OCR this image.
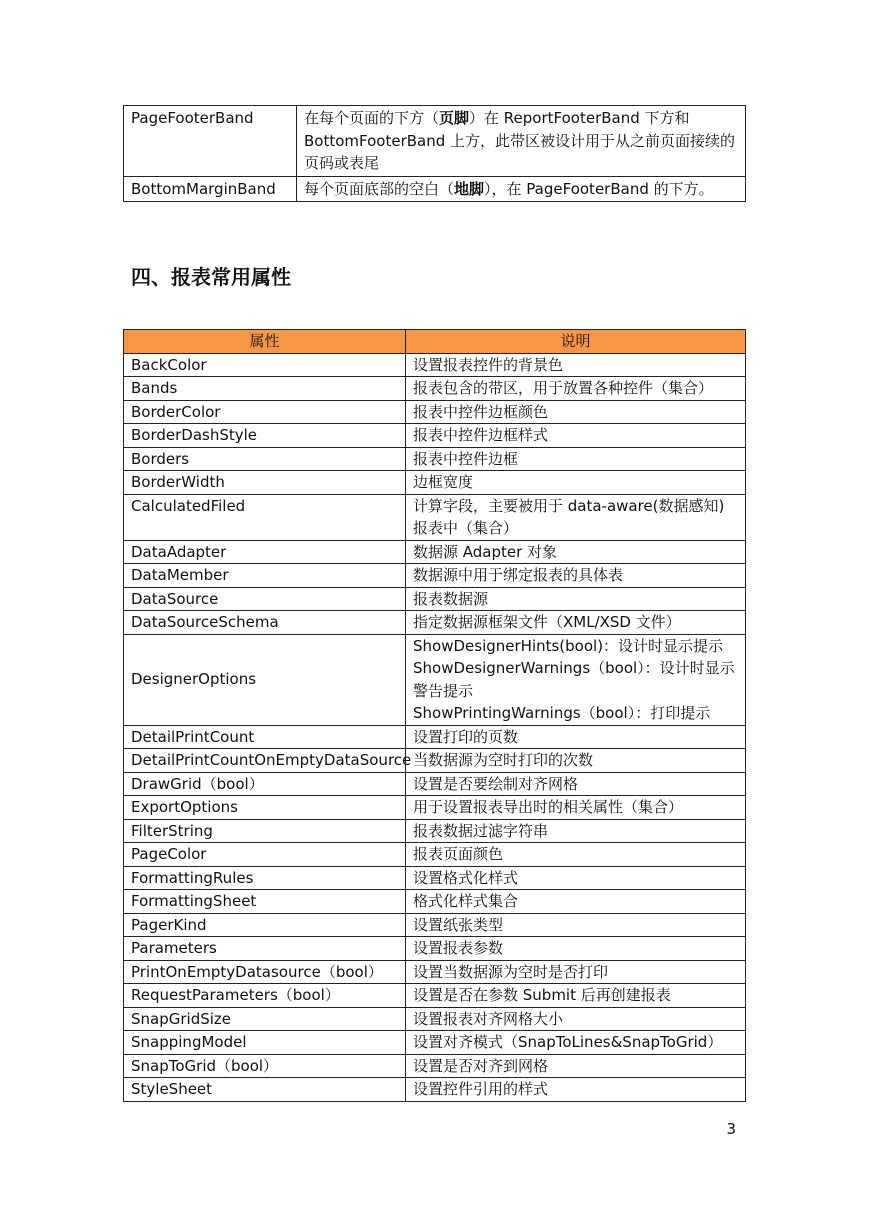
PageFooterBand	在每个页面的下方（页脚）在 ReportFooterBand 下方和 BottomFooterBand 上方，此带区被设计用于从之前页面接续的页码或表尾
BottomMarginBand	每个页面底部的空白（地脚），在 PageFooterBand 的下方。
四、报表常用属性
属性	说明
BackColor	设置报表控件的背景色

Bands	报表包含的带区，用于放置各种控件（集合）

BorderColor	报表中控件边框颜色

BorderDashStyle	报表中控件边框样式

Borders	报表中控件边框

BorderWidth	边框宽度

CalculatedFiled	计算字段，主要被用于 data-aware(数据感知) 报表中（集合）

DataAdapter	数据源 Adapter 对象

DataMember	数据源中用于绑定报表的具体表

DataSource	报表数据源

DataSourceSchema	指定数据源框架文件（XML/XSD 文件）

DesignerOptions	ShowDesignerHints(bool)：设计时显示提示
ShowDesignerWarnings（bool）：设计时显示警告提示
ShowPrintingWarnings（bool）：打印提示

DetailPrintCount	设置打印的页数

DetailPrintCountOnEmptyDataSource	当数据源为空时打印的次数

DrawGrid（bool）	设置是否要绘制对齐网格

ExportOptions	用于设置报表导出时的相关属性（集合）

FilterString	报表数据过滤字符串

PageColor	报表页面颜色

FormattingRules	设置格式化样式

FormattingSheet	格式化样式集合

PagerKind	设置纸张类型

Parameters	设置报表参数

PrintOnEmptyDatasource（bool）	设置当数据源为空时是否打印

RequestParameters（bool）	设置是否在参数 Submit 后再创建报表

SnapGridSize	设置报表对齐网格大小

SnappingModel	设置对齐模式（SnapToLines&SnapToGrid）

SnapToGrid（bool）	设置是否对齐到网格

StyleSheet	设置控件引用的样式
3
